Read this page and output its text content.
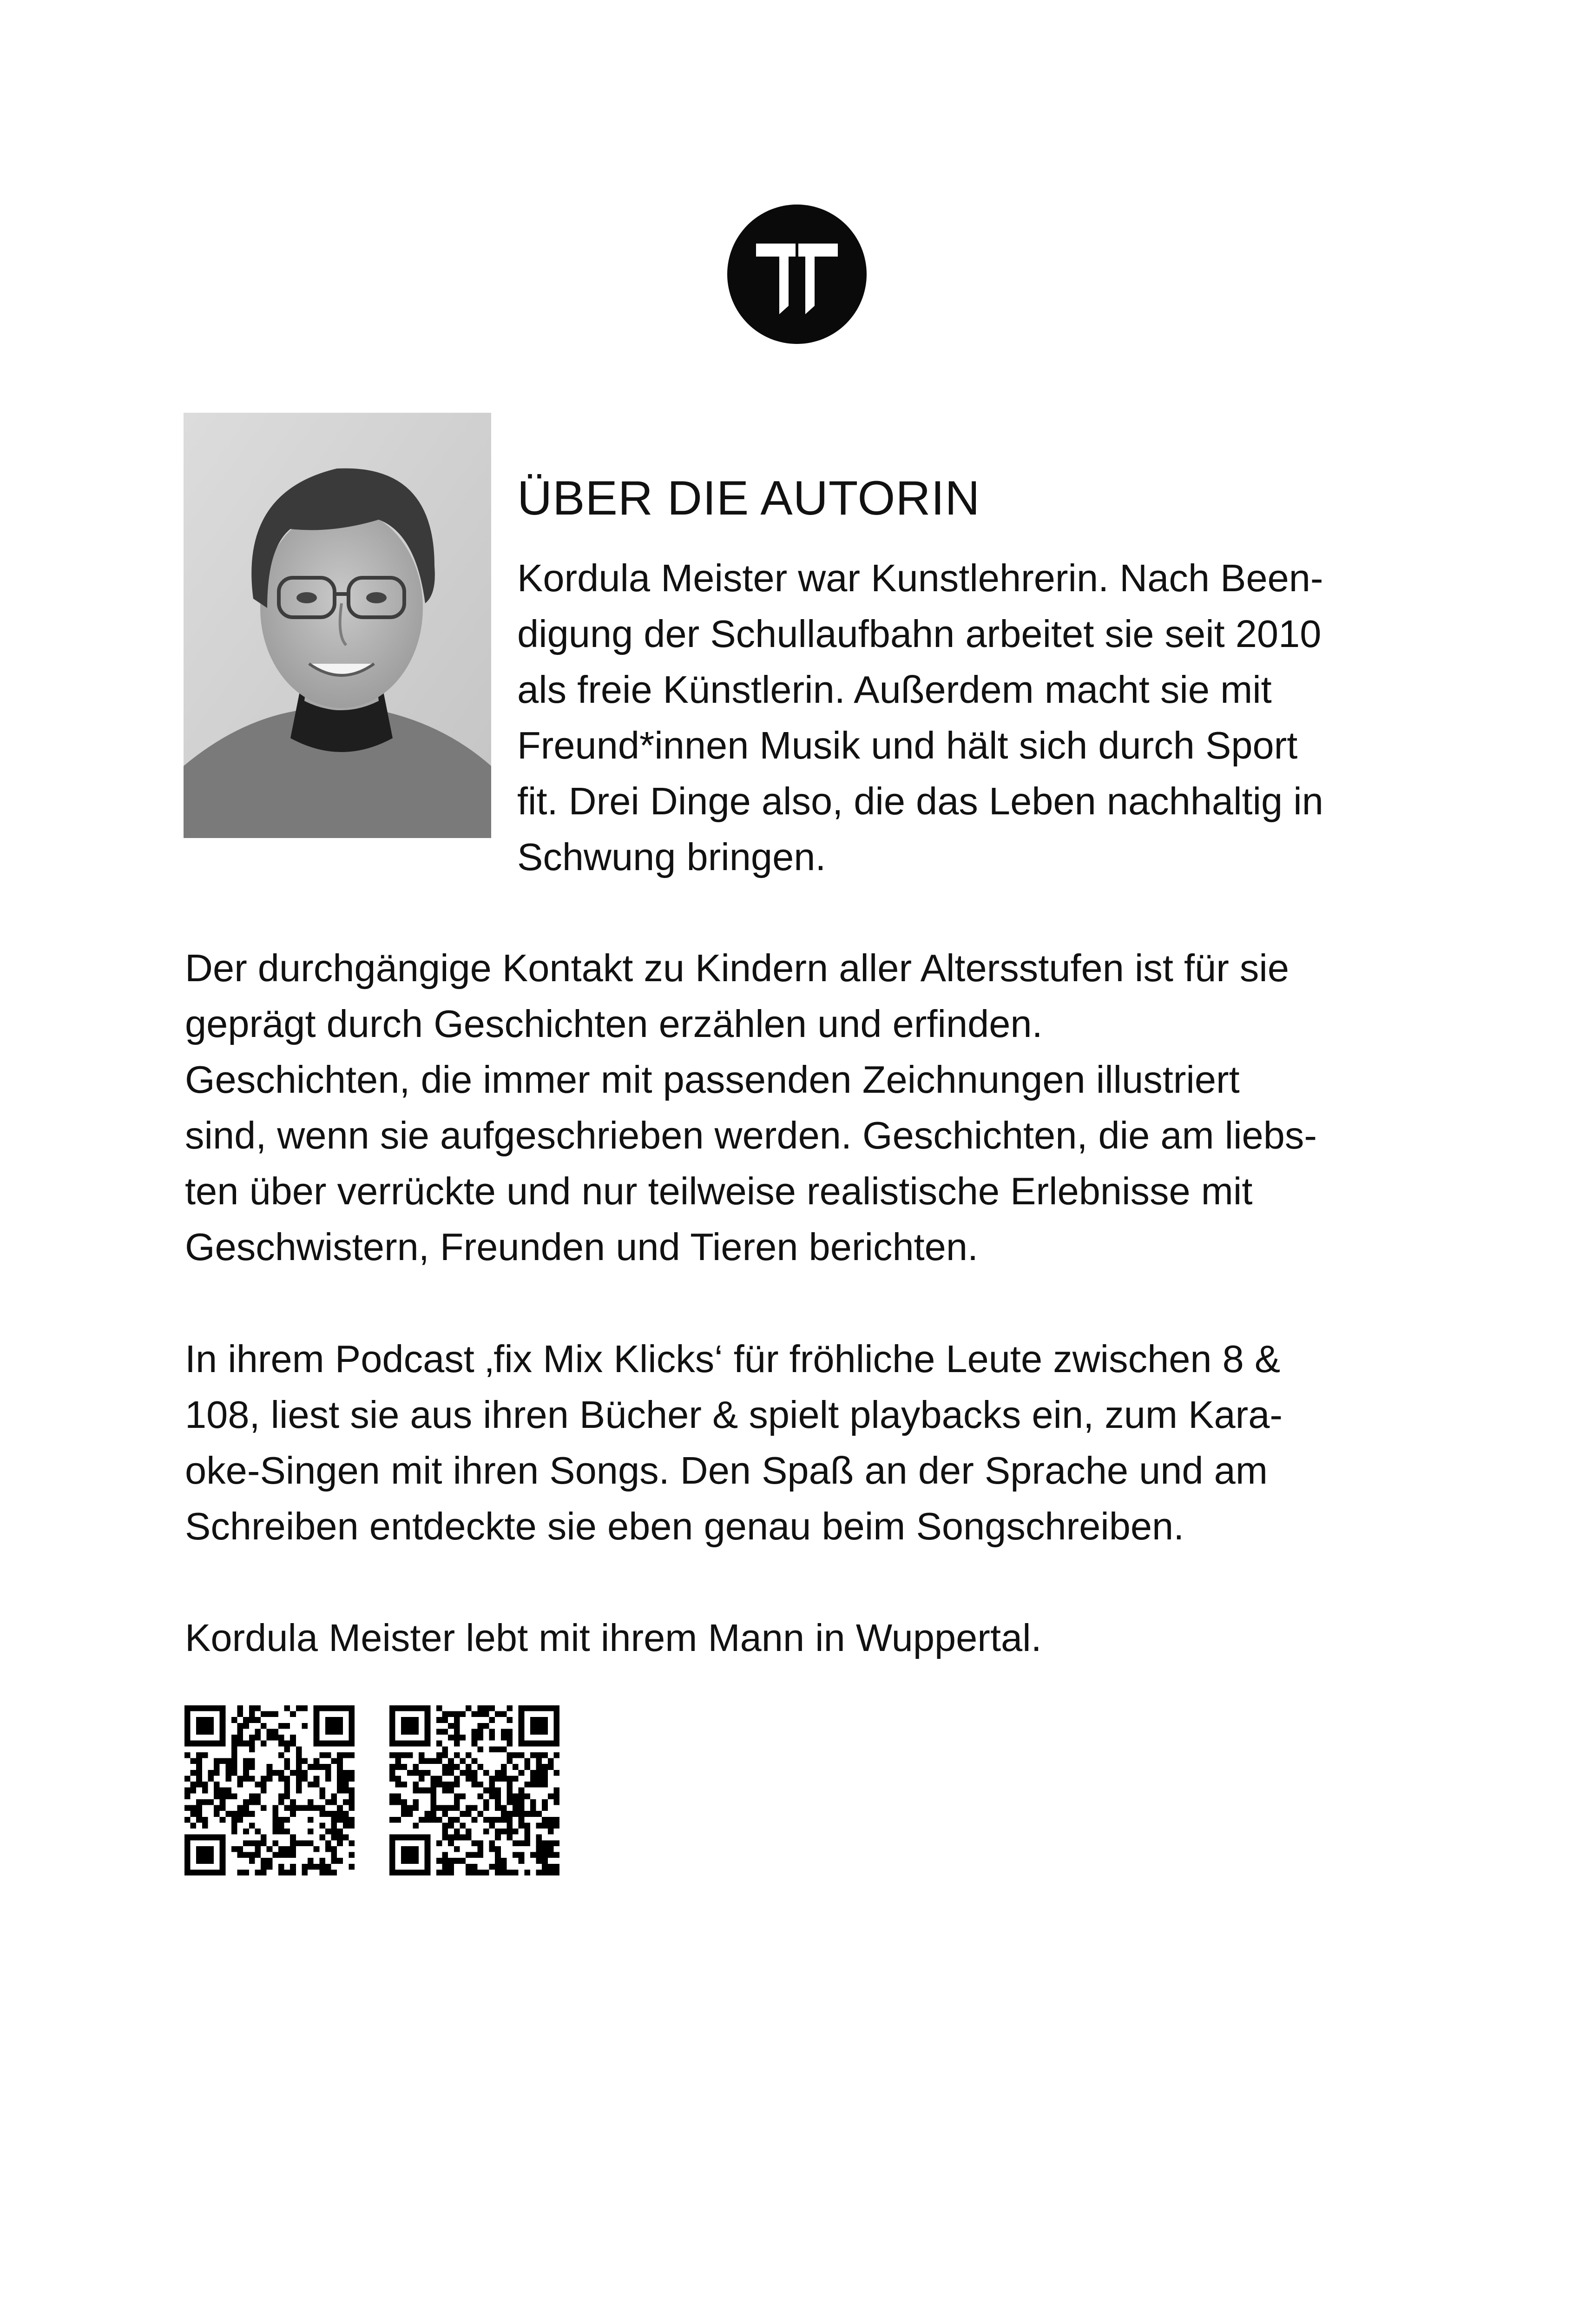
ÜBER DIE AUTORIN

Kordula Meister war Kunstlehrerin. Nach Been-
digung der Schullaufbahn arbeitet sie seit 2010
als freie Künstlerin. Außerdem macht sie mit
Freund*innen Musik und hält sich durch Sport
fit. Drei Dinge also, die das Leben nachhaltig in
Schwung bringen.

Der durchgängige Kontakt zu Kindern aller Altersstufen ist für sie
geprägt durch Geschichten erzählen und erfinden.
Geschichten, die immer mit passenden Zeichnungen illustriert
sind, wenn sie aufgeschrieben werden. Geschichten, die am liebs-
ten über verrückte und nur teilweise realistische Erlebnisse mit
Geschwistern, Freunden und Tieren berichten.

In ihrem Podcast ‚fix Mix Klicks‘ für fröhliche Leute zwischen 8 &
108, liest sie aus ihren Bücher & spielt playbacks ein, zum Kara-
oke-Singen mit ihren Songs. Den Spaß an der Sprache und am
Schreiben entdeckte sie eben genau beim Songschreiben.

Kordula Meister lebt mit ihrem Mann in Wuppertal.
